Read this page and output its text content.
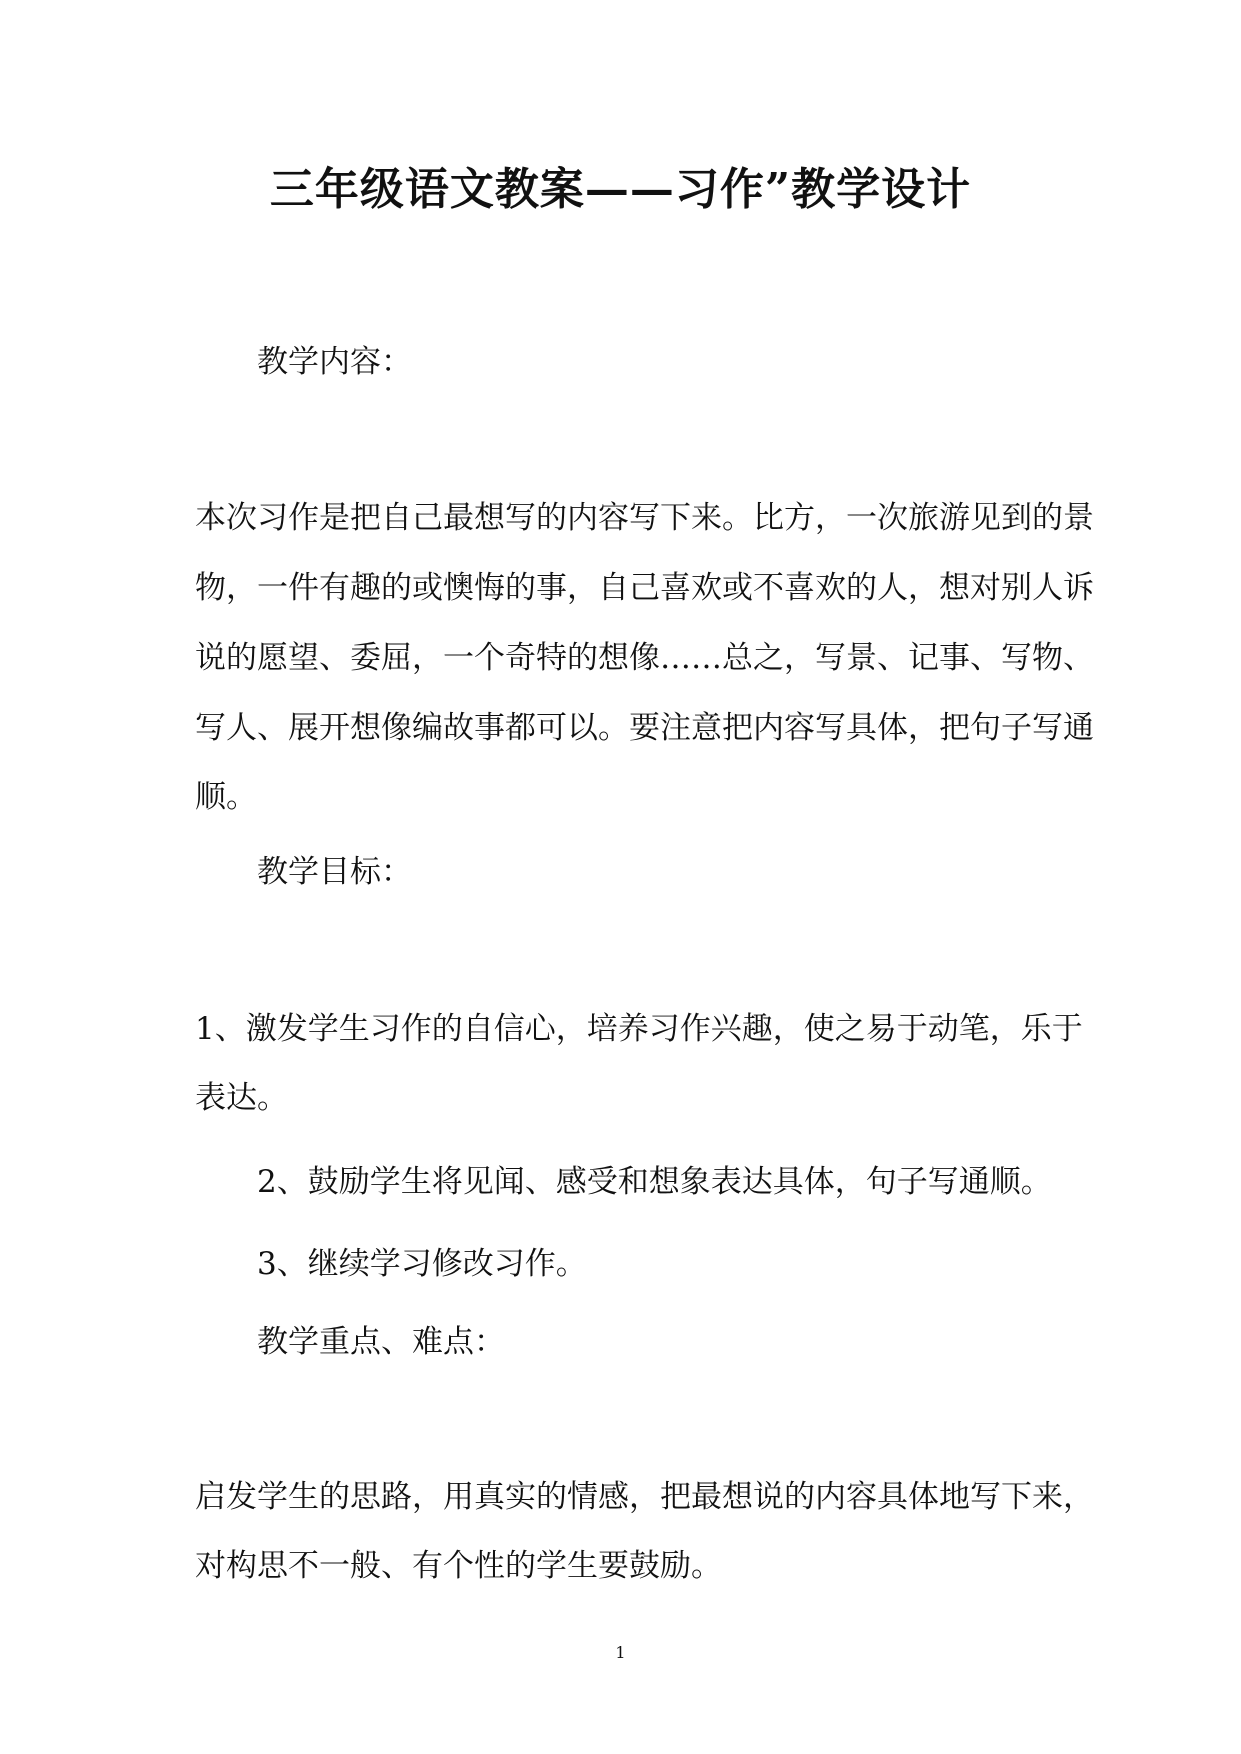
三年级语文教案——习作”教学设计
教学内容：
本次习作是把自己最想写的内容写下来。比方，一次旅游见到的景
物，一件有趣的或懊悔的事，自己喜欢或不喜欢的人，想对别人诉
说的愿望、委屈，一个奇特的想像……总之，写景、记事、写物、
写人、展开想像编故事都可以。要注意把内容写具体，把句子写通
顺。
教学目标：
1、激发学生习作的自信心，培养习作兴趣，使之易于动笔，乐于
表达。
2、鼓励学生将见闻、感受和想象表达具体，句子写通顺。
3、继续学习修改习作。
教学重点、难点：
启发学生的思路，用真实的情感，把最想说的内容具体地写下来，
对构思不一般、有个性的学生要鼓励。
1
